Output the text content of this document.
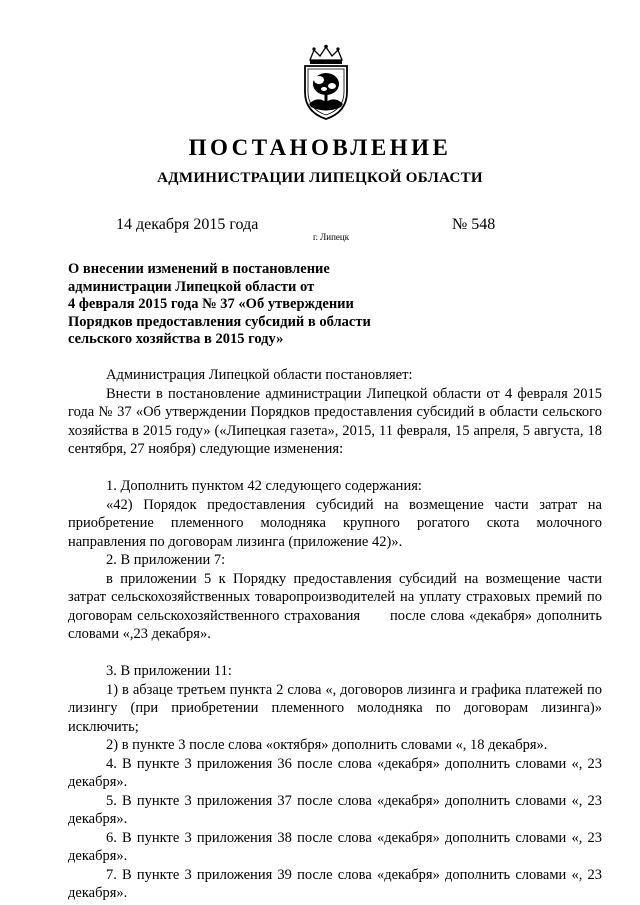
ПОСТАНОВЛЕНИЕ
АДМИНИСТРАЦИИ ЛИПЕЦКОЙ ОБЛАСТИ
14 декабря 2015 года
г. Липецк
№ 548
О внесении изменений в постановление
администрации Липецкой области от
4 февраля 2015 года № 37 «Об утверждении
Порядков предоставления субсидий в области
сельского хозяйства в 2015 году»

Администрация Липецкой области постановляет:

Внести в постановление администрации Липецкой области от 4 февраля 2015 года № 37 «Об утверждении Порядков предоставления субсидий в области сельского хозяйства в 2015 году» («Липецкая газета», 2015, 11 февраля, 15 апреля, 5 августа, 18 сентября, 27 ноября) следующие изменения:

1. Дополнить пунктом 42 следующего содержания:

«42) Порядок предоставления субсидий на возмещение части затрат на приобретение племенного молодняка крупного рогатого скота молочного направления по договорам лизинга (приложение 42)».

2. В приложении 7:

в приложении 5 к Порядку предоставления субсидий на возмещение части затрат сельскохозяйственных товаропроизводителей на уплату страховых премий по договорам сельскохозяйственного страхования после слова «декабря» дополнить словами «,23 декабря».

3. В приложении 11:

1) в абзаце третьем пункта 2 слова «, договоров лизинга и графика платежей по лизингу (при приобретении племенного молодняка по договорам лизинга)» исключить;

2) в пункте 3 после слова «октября» дополнить словами «, 18 декабря».

4. В пункте 3 приложения 36 после слова «декабря» дополнить словами «, 23 декабря».

5. В пункте 3 приложения 37 после слова «декабря» дополнить словами «, 23 декабря».

6. В пункте 3 приложения 38 после слова «декабря» дополнить словами «, 23 декабря».

7. В пункте 3 приложения 39 после слова «декабря» дополнить словами «, 23 декабря».
